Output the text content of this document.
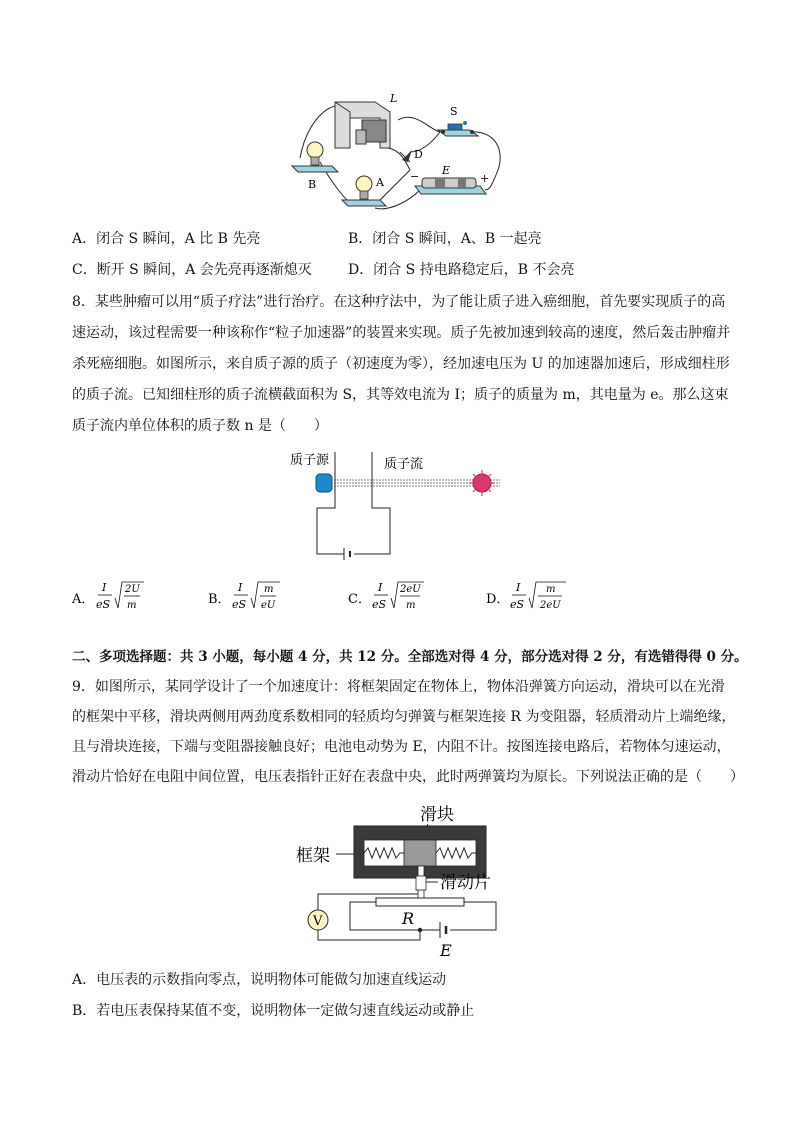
L
S
D
B	A
E
−	+
A．闭合 S 瞬间，A 比 B 先亮	B．闭合 S 瞬间，A、B 一起亮
C．断开 S 瞬间，A 会先亮再逐渐熄灭	D．闭合 S 持电路稳定后，B 不会亮
8．某些肿瘤可以用“质子疗法”进行治疗。在这种疗法中，为了能让质子进入癌细胞，首先要实现质子的高
速运动，该过程需要一种该称作“粒子加速器”的装置来实现。质子先被加速到较高的速度，然后轰击肿瘤并
杀死癌细胞。如图所示，来自质子源的质子（初速度为零），经加速电压为 U 的加速器加速后，形成细柱形
的质子流。已知细柱形的质子流横截面积为 S，其等效电流为 I；质子的质量为 m，其电量为 e。那么这束
质子流内单位体积的质子数 n 是（　　）
质子源	质子流
A．
I
eS
2U
m	B．
I
eS
m
eU	C．
I
eS
2eU
m	D．
I
eS
m
2eU
二、多项选择题：共 3 小题，每小题 4 分，共 12 分。全部选对得 4 分，部分选对得 2 分，有选错得得 0 分。
9．如图所示，某同学设计了一个加速度计：将框架固定在物体上，物体沿弹簧方向运动，滑块可以在光滑
的框架中平移，滑块两侧用两劲度系数相同的轻质均匀弹簧与框架连接 R 为变阻器，轻质滑动片上端绝缘，
且与滑块连接，下端与变阻器接触良好；电池电动势为 E，内阻不计。按图连接电路后，若物体匀速运动，
滑动片恰好在电阻中间位置，电压表指针正好在表盘中央，此时两弹簧均为原长。下列说法正确的是（　　）
滑块
框架
滑动片
R
E
V
A．电压表的示数指向零点，说明物体可能做匀加速直线运动
B．若电压表保持某值不变，说明物体一定做匀速直线运动或静止
